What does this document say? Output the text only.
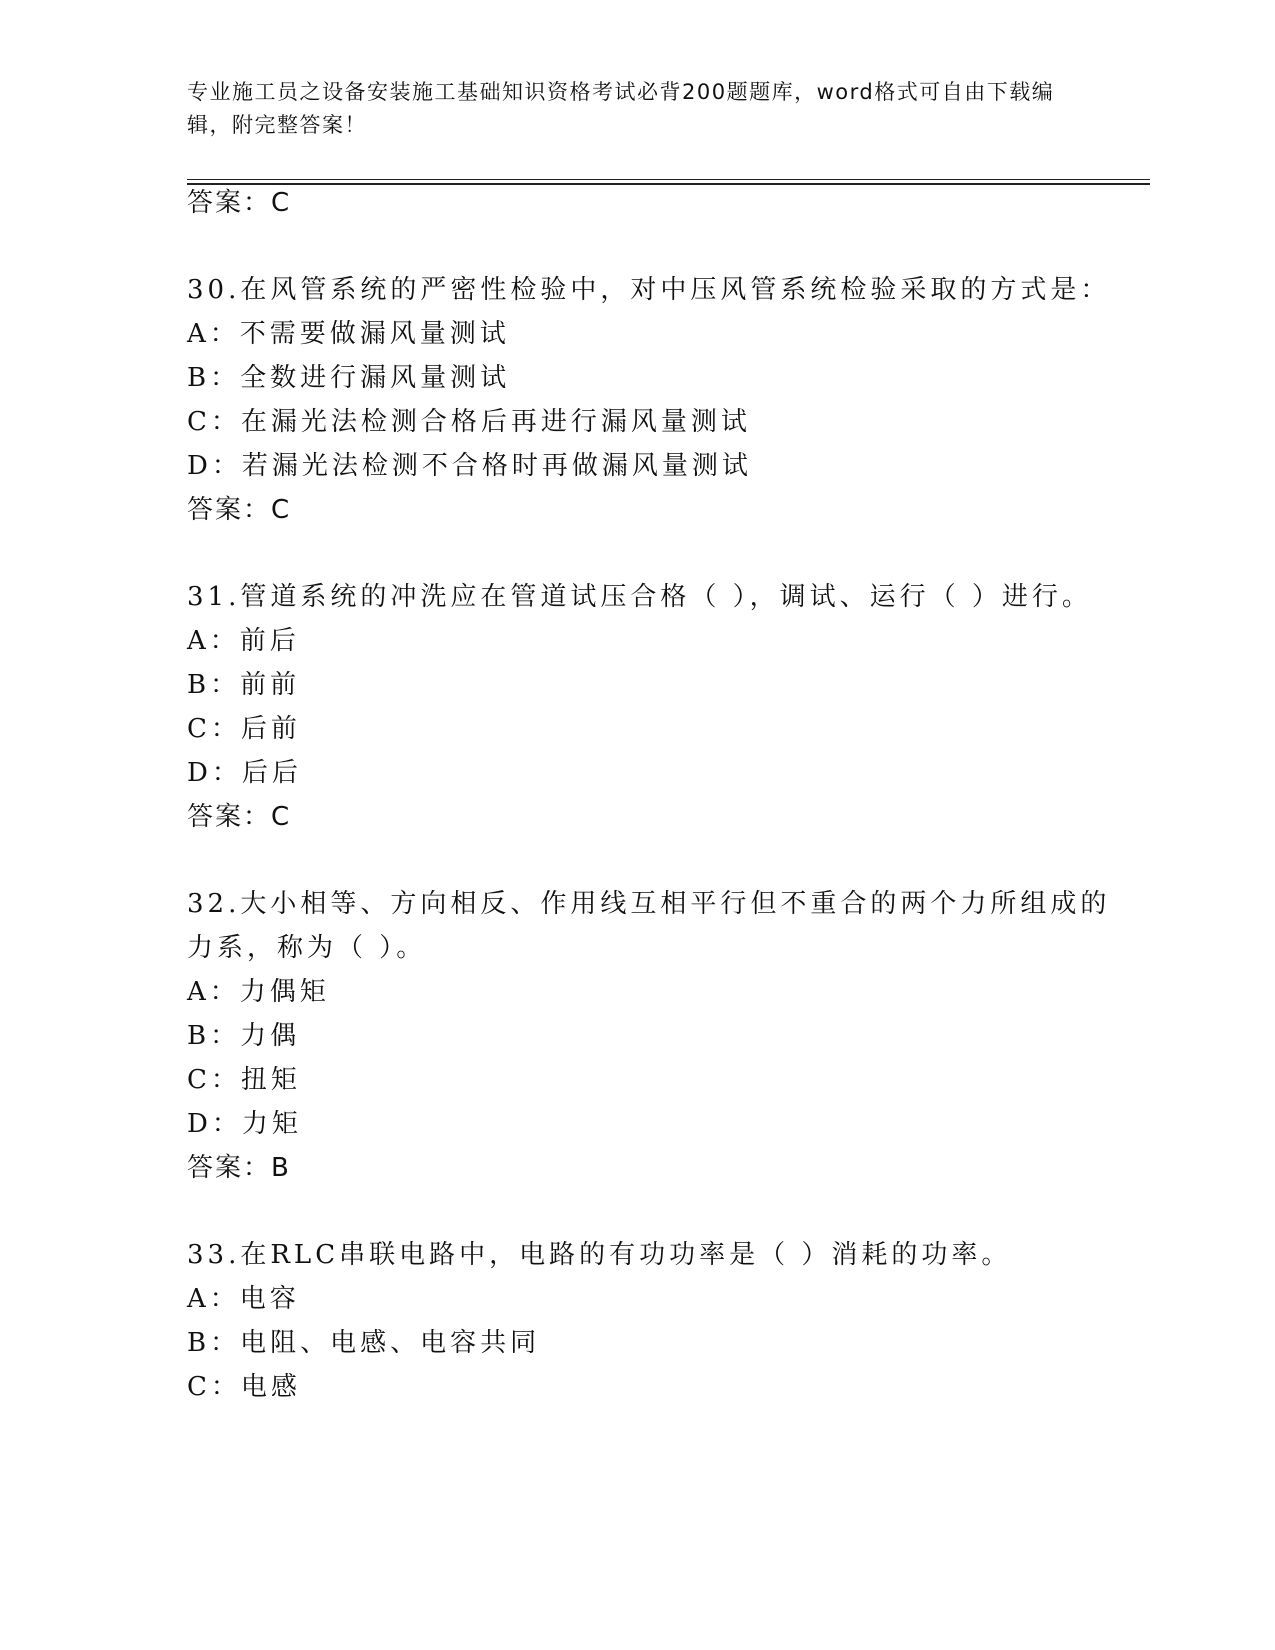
专业施工员之设备安装施工基础知识资格考试必背200题题库，word格式可自由下载编辑，附完整答案！
答案：C
30.在风管系统的严密性检验中，对中压风管系统检验采取的方式是：
A：不需要做漏风量测试
B：全数进行漏风量测试
C：在漏光法检测合格后再进行漏风量测试
D：若漏光法检测不合格时再做漏风量测试
答案：C
31.管道系统的冲洗应在管道试压合格（ ），调试、运行（ ）进行。
A：前后
B：前前
C：后前
D：后后
答案：C
32.大小相等、方向相反、作用线互相平行但不重合的两个力所组成的
力系，称为（ ）。
A：力偶矩
B：力偶
C：扭矩
D：力矩
答案：B
33.在RLC串联电路中，电路的有功功率是（ ）消耗的功率。
A：电容
B：电阻、电感、电容共同
C：电感
